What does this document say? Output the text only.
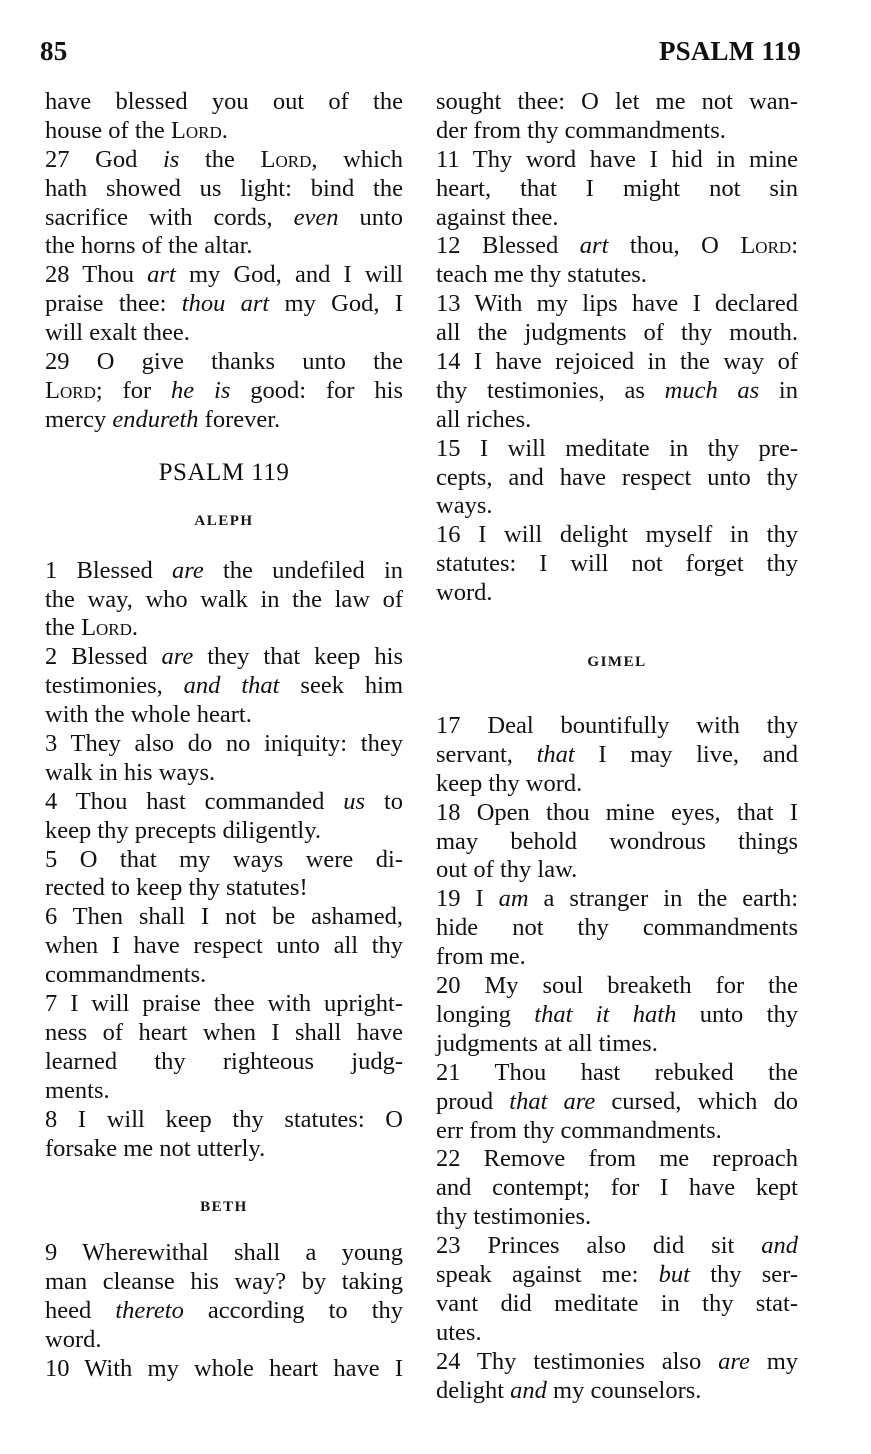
85	PSALM 119
have blessed you out of the
house of the Lord.
27 God is the Lord, which
hath showed us light: bind the
sacrifice with cords, even unto
the horns of the altar.
28 Thou art my God, and I will
praise thee: thou art my God, I
will exalt thee.
29 O give thanks unto the
Lord; for he is good: for his
mercy endureth forever.
PSALM 119
ALEPH
1 Blessed are the undefiled in
the way, who walk in the law of
the Lord.
2 Blessed are they that keep his
testimonies, and that seek him
with the whole heart.
3 They also do no iniquity: they
walk in his ways.
4 Thou hast commanded us to
keep thy precepts diligently.
5 O that my ways were di-
rected to keep thy statutes!
6 Then shall I not be ashamed,
when I have respect unto all thy
commandments.
7 I will praise thee with upright-
ness of heart when I shall have
learned thy righteous judg-
ments.
8 I will keep thy statutes: O
forsake me not utterly.
BETH
9 Wherewithal shall a young
man cleanse his way? by taking
heed thereto according to thy
word.
10 With my whole heart have I
sought thee: O let me not wan-
der from thy commandments.
11 Thy word have I hid in mine
heart, that I might not sin
against thee.
12 Blessed art thou, O Lord:
teach me thy statutes.
13 With my lips have I declared
all the judgments of thy mouth.
14 I have rejoiced in the way of
thy testimonies, as much as in
all riches.
15 I will meditate in thy pre-
cepts, and have respect unto thy
ways.
16 I will delight myself in thy
statutes: I will not forget thy
word.
GIMEL
17 Deal bountifully with thy
servant, that I may live, and
keep thy word.
18 Open thou mine eyes, that I
may behold wondrous things
out of thy law.
19 I am a stranger in the earth:
hide not thy commandments
from me.
20 My soul breaketh for the
longing that it hath unto thy
judgments at all times.
21 Thou hast rebuked the
proud that are cursed, which do
err from thy commandments.
22 Remove from me reproach
and contempt; for I have kept
thy testimonies.
23 Princes also did sit and
speak against me: but thy ser-
vant did meditate in thy stat-
utes.
24 Thy testimonies also are my
delight and my counselors.
